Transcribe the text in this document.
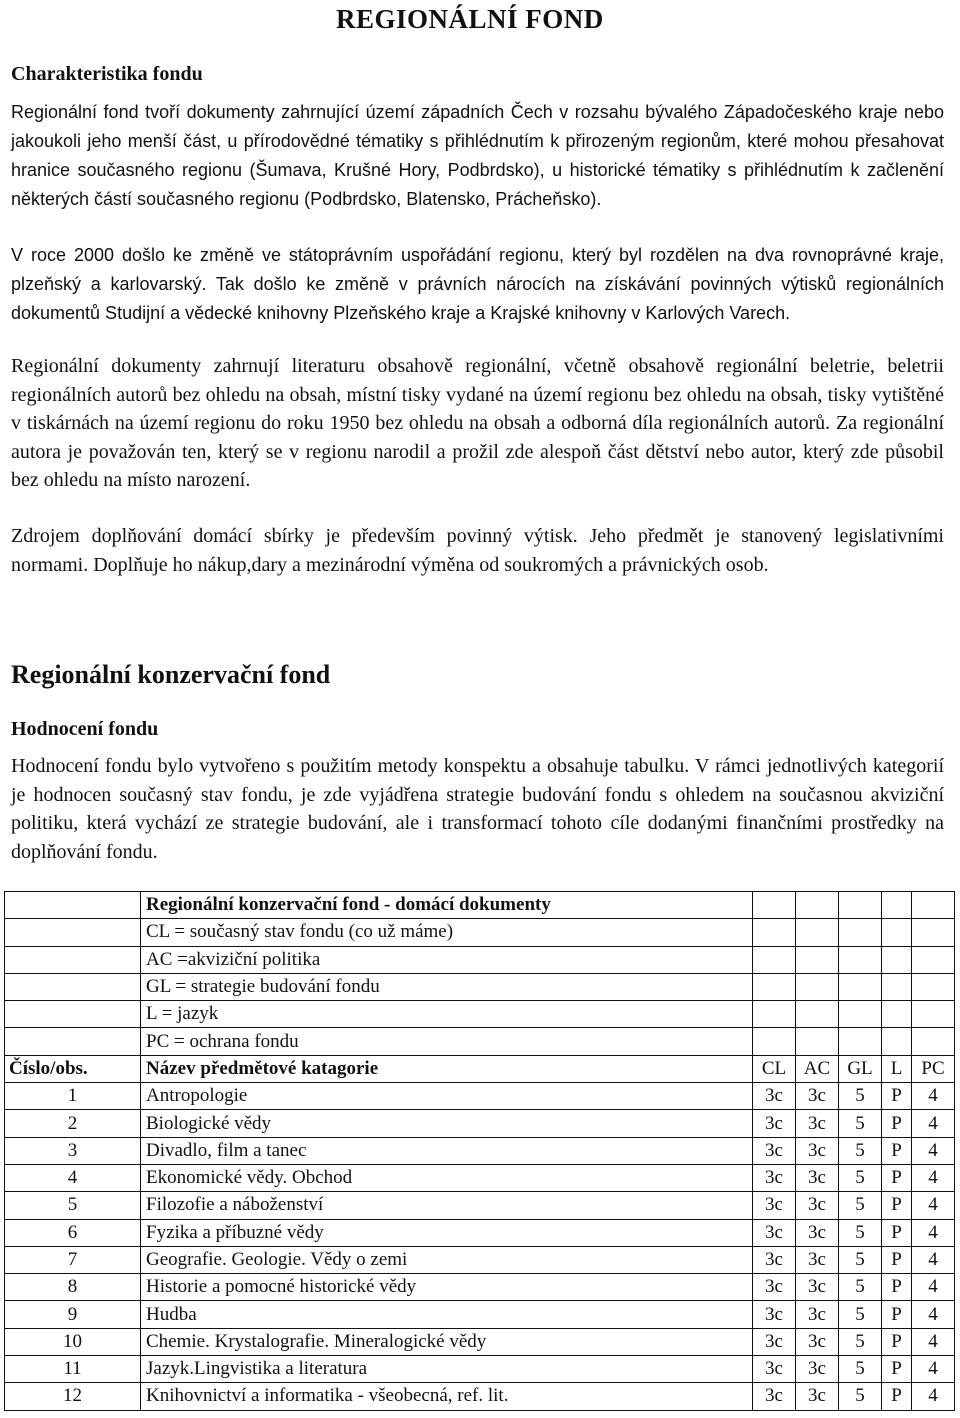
REGIONÁLNÍ FOND
Charakteristika fondu

Regionální fond tvoří dokumenty zahrnující území západních Čech v rozsahu bývalého Západočeského kraje nebo jakoukoli jeho menší část, u přírodovědné tématiky s přihlédnutím k přirozeným regionům, které mohou přesahovat hranice současného regionu (Šumava, Krušné Hory, Podbrdsko), u historické tématiky s přihlédnutím k začlenění některých částí současného regionu (Podbrdsko, Blatensko, Prácheňsko).

V roce 2000 došlo ke změně ve státoprávním uspořádání regionu, který byl rozdělen na dva rovnoprávné kraje, plzeňský a karlovarský. Tak došlo ke změně v právních nárocích na získávání povinných výtisků regionálních dokumentů Studijní a vědecké knihovny Plzeňského kraje a Krajské knihovny v Karlových Varech.

Regionální dokumenty zahrnují literaturu obsahově regionální, včetně obsahově regionální beletrie, beletrii regionálních autorů bez ohledu na obsah, místní tisky vydané na území regionu bez ohledu na obsah, tisky vytištěné v tiskárnách na území regionu do roku 1950 bez ohledu na obsah a odborná díla regionálních autorů. Za regionální autora je považován ten, který se v regionu narodil a prožil zde alespoň část dětství nebo autor, který zde působil bez ohledu na místo narození.

Zdrojem doplňování domácí sbírky je především povinný výtisk. Jeho předmět je stanovený legislativními normami. Doplňuje ho nákup,dary a mezinárodní výměna od soukromých a právnických osob.

Regionální konzervační fond
Hodnocení fondu

Hodnocení fondu bylo vytvořeno s použitím metody konspektu a obsahuje tabulku. V rámci jednotlivých kategorií je hodnocen současný stav fondu, je zde vyjádřena strategie budování fondu s ohledem na současnou akviziční politiku, která vychází ze strategie budování, ale i transformací tohoto cíle dodanými finančními prostředky na doplňování fondu.

	Regionální konzervační fond - domácí dokumenty					
	CL = současný stav fondu (co už máme)					
	AC =akviziční politika					
	GL = strategie budování fondu					
	L = jazyk					
	PC = ochrana fondu					
Číslo/obs.	Název předmětové katagorie	CL	AC	GL	L	PC
1	Antropologie	3c	3c	5	P	4
2	Biologické vědy	3c	3c	5	P	4
3	Divadlo, film a tanec	3c	3c	5	P	4
4	Ekonomické vědy. Obchod	3c	3c	5	P	4
5	Filozofie a náboženství	3c	3c	5	P	4
6	Fyzika a příbuzné vědy	3c	3c	5	P	4
7	Geografie. Geologie. Vědy o zemi	3c	3c	5	P	4
8	Historie a pomocné historické vědy	3c	3c	5	P	4
9	Hudba	3c	3c	5	P	4
10	Chemie. Krystalografie. Mineralogické vědy	3c	3c	5	P	4
11	Jazyk.Lingvistika a literatura	3c	3c	5	P	4
12	Knihovnictví a informatika - všeobecná, ref. lit.	3c	3c	5	P	4
